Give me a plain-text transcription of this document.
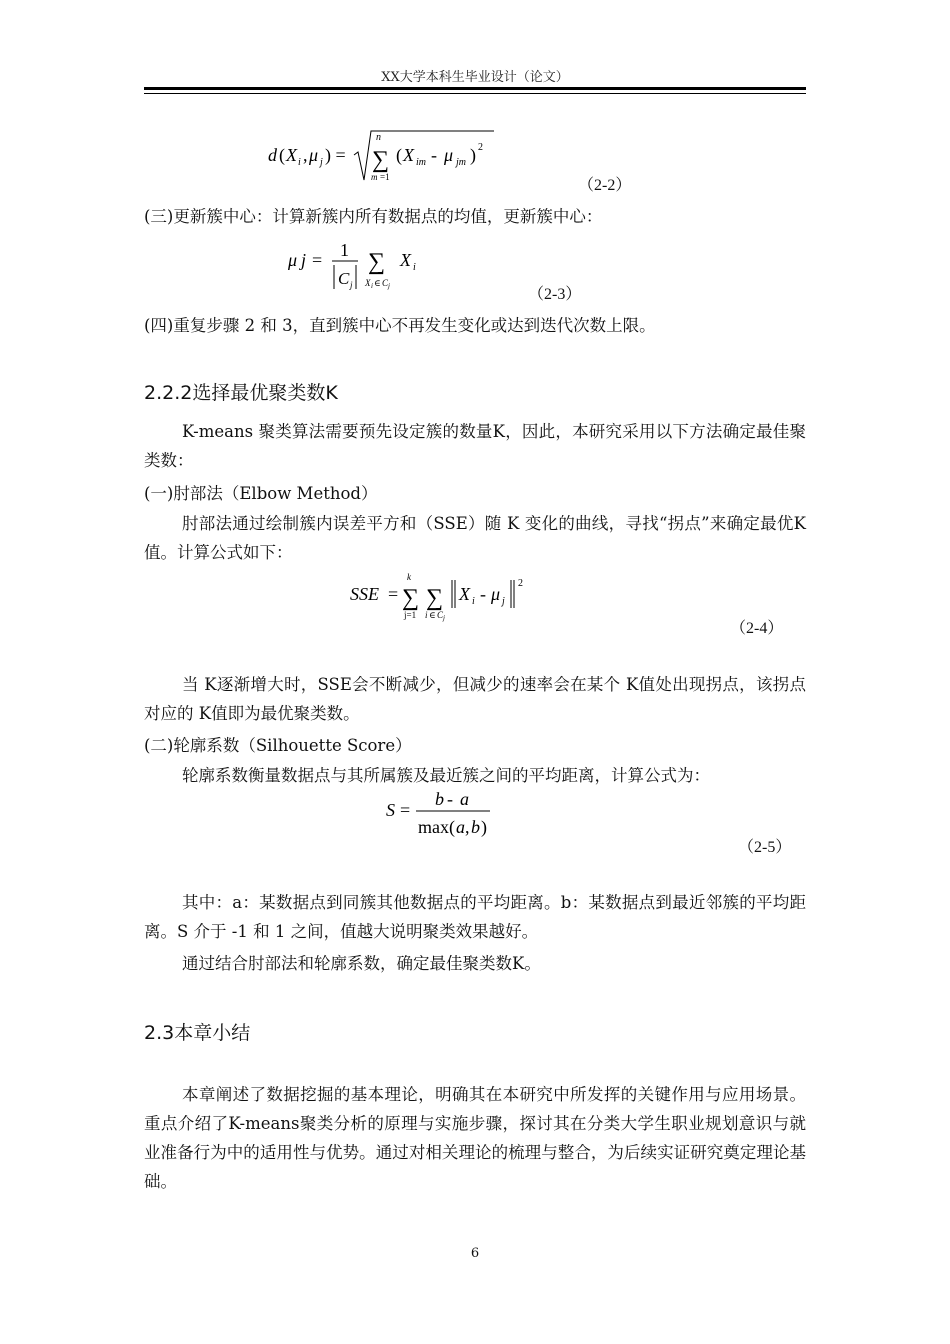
XX大学本科生毕业设计（论文）
d ( X i , μ j ) =
n
∑
m =1
( X im - μ jm ) 2
（2-2）
(三)更新簇中心：计算新簇内所有数据点的均值，更新簇中心：
μ j = 1
C j
∑
X i ∈ C j
X i
（2-3）
(四)重复步骤 2 和 3，直到簇中心不再发生变化或达到迭代次数上限。
2.2.2选择最优聚类数K
K-means 聚类算法需要预先设定簇的数量K，因此，本研究采用以下方法确定最佳聚类数：
(一)肘部法（Elbow Method）
肘部法通过绘制簇内误差平方和（SSE）随 K 变化的曲线，寻找“拐点”来确定最优K值。计算公式如下：
SSE =
k
∑
j=1
∑
i ∈ C j
X i - μ j
2
（2-4）
当 K逐渐增大时，SSE会不断减少，但减少的速率会在某个 K值处出现拐点，该拐点对应的 K值即为最优聚类数。
(二)轮廓系数（Silhouette Score）
轮廓系数衡量数据点与其所属簇及最近簇之间的平均距离，计算公式为：
S =
b - a
max( a , b )
（2-5）
其中：a：某数据点到同簇其他数据点的平均距离。b：某数据点到最近邻簇的平均距离。S 介于 -1 和 1 之间，值越大说明聚类效果越好。
通过结合肘部法和轮廓系数，确定最佳聚类数K。
2.3本章小结
本章阐述了数据挖掘的基本理论，明确其在本研究中所发挥的关键作用与应用场景。重点介绍了K-means聚类分析的原理与实施步骤，探讨其在分类大学生职业规划意识与就业准备行为中的适用性与优势。通过对相关理论的梳理与整合，为后续实证研究奠定理论基础。
6
